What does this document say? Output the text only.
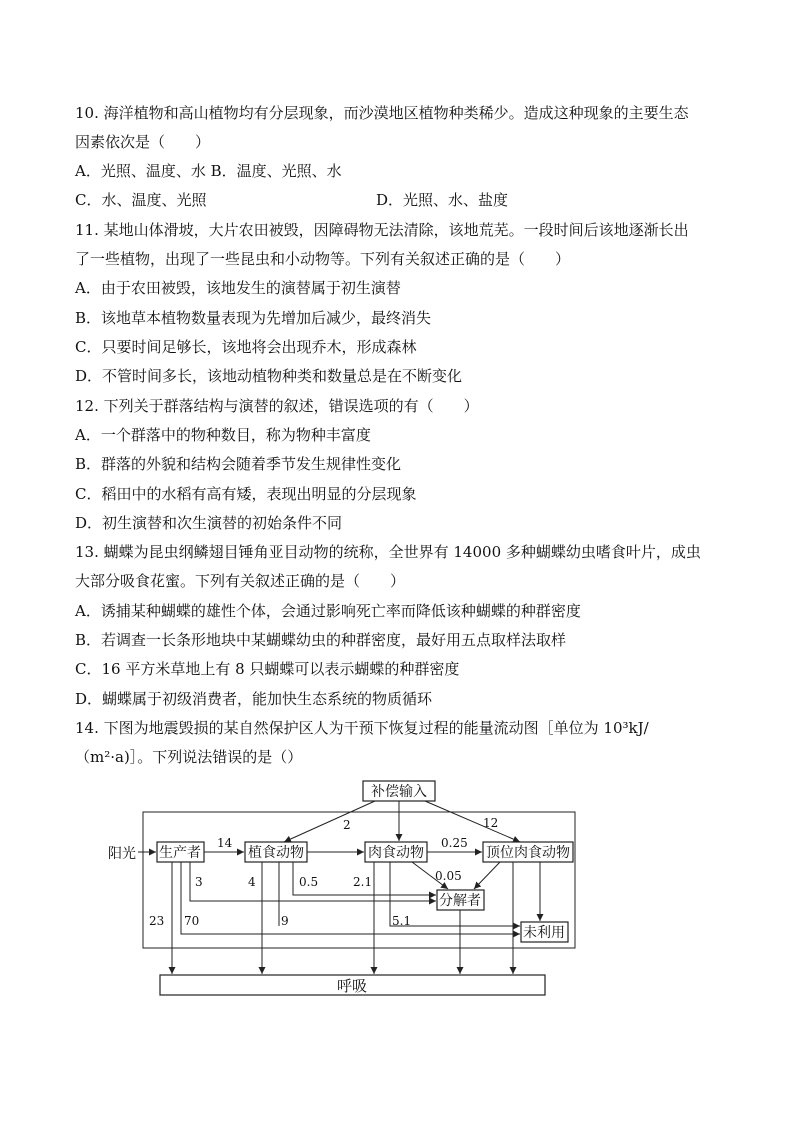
10. 海洋植物和高山植物均有分层现象，而沙漠地区植物种类稀少。造成这种现象的主要生态
因素依次是（　　）
A．光照、温度、水 B．温度、光照、水
C．水、温度、光照	D．光照、水、盐度
11. 某地山体滑坡，大片农田被毁，因障碍物无法清除，该地荒芜。一段时间后该地逐渐长出
了一些植物，出现了一些昆虫和小动物等。下列有关叙述正确的是（　　）
A．由于农田被毁，该地发生的演替属于初生演替
B．该地草本植物数量表现为先增加后减少，最终消失
C．只要时间足够长，该地将会出现乔木，形成森林
D．不管时间多长，该地动植物种类和数量总是在不断变化
12. 下列关于群落结构与演替的叙述，错误选项的有（　　）
A．一个群落中的物种数目，称为物种丰富度
B．群落的外貌和结构会随着季节发生规律性变化
C．稻田中的水稻有高有矮，表现出明显的分层现象
D．初生演替和次生演替的初始条件不同
13. 蝴蝶为昆虫纲鳞翅目锤角亚目动物的统称，全世界有 14000 多种蝴蝶幼虫嗜食叶片，成虫
大部分吸食花蜜。下列有关叙述正确的是（　　）
A．诱捕某种蝴蝶的雄性个体，会通过影响死亡率而降低该种蝴蝶的种群密度
B．若调查一长条形地块中某蝴蝶幼虫的种群密度，最好用五点取样法取样
C．16 平方米草地上有 8 只蝴蝶可以表示蝴蝶的种群密度
D．蝴蝶属于初级消费者，能加快生态系统的物质循环
14. 下图为地震毁损的某自然保护区人为干预下恢复过程的能量流动图［单位为 10³kJ/
（m²·a)］。下列说法错误的是（）
补偿输入
阳光 生产者	植食动物	肉食动物	顶位肉食动物
分解者
未利用
呼吸
2	12
14	0.25
3	4	0.5	2.1	0.05
23 70	9	5.1
